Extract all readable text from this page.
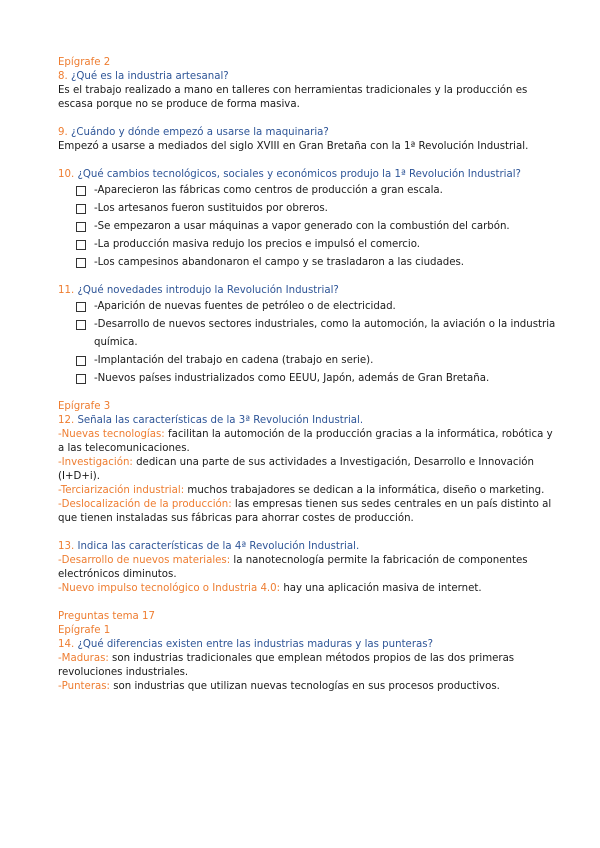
Epígrafe 2
8. ¿Qué es la industria artesanal?
Es el trabajo realizado a mano en talleres con herramientas tradicionales y la producción es escasa porque no se produce de forma masiva.
9. ¿Cuándo y dónde empezó a usarse la maquinaria?
Empezó a usarse a mediados del siglo XVIII en Gran Bretaña con la 1ª Revolución Industrial.
10. ¿Qué cambios tecnológicos, sociales y económicos produjo la 1ª Revolución Industrial?
-Aparecieron las fábricas como centros de producción a gran escala.
-Los artesanos fueron sustituidos por obreros.
-Se empezaron a usar máquinas a vapor generado con la combustión del carbón.
-La producción masiva redujo los precios e impulsó el comercio.
-Los campesinos abandonaron el campo y se trasladaron a las ciudades.
11. ¿Qué novedades introdujo la Revolución Industrial?
-Aparición de nuevas fuentes de petróleo o de electricidad.
-Desarrollo de nuevos sectores industriales, como la automoción, la aviación o la industria química.
-Implantación del trabajo en cadena (trabajo en serie).
-Nuevos países industrializados como EEUU, Japón, además de Gran Bretaña.
Epígrafe 3
12. Señala las características de la 3ª Revolución Industrial.
-Nuevas tecnologías: facilitan la automoción de la producción gracias a la informática, robótica y a las telecomunicaciones.
-Investigación: dedican una parte de sus actividades a Investigación, Desarrollo e Innovación (I+D+i).
-Terciarización industrial: muchos trabajadores se dedican a la informática, diseño o marketing.
-Deslocalización de la producción: las empresas tienen sus sedes centrales en un país distinto al que tienen instaladas sus fábricas para ahorrar costes de producción.
13. Indica las características de la 4ª Revolución Industrial.
-Desarrollo de nuevos materiales: la nanotecnología permite la fabricación de componentes electrónicos diminutos.
-Nuevo impulso tecnológico o Industria 4.0: hay una aplicación masiva de internet.
Preguntas tema 17
Epígrafe 1
14. ¿Qué diferencias existen entre las industrias maduras y las punteras?
-Maduras: son industrias tradicionales que emplean métodos propios de las dos primeras revoluciones industriales.
-Punteras: son industrias que utilizan nuevas tecnologías en sus procesos productivos.
